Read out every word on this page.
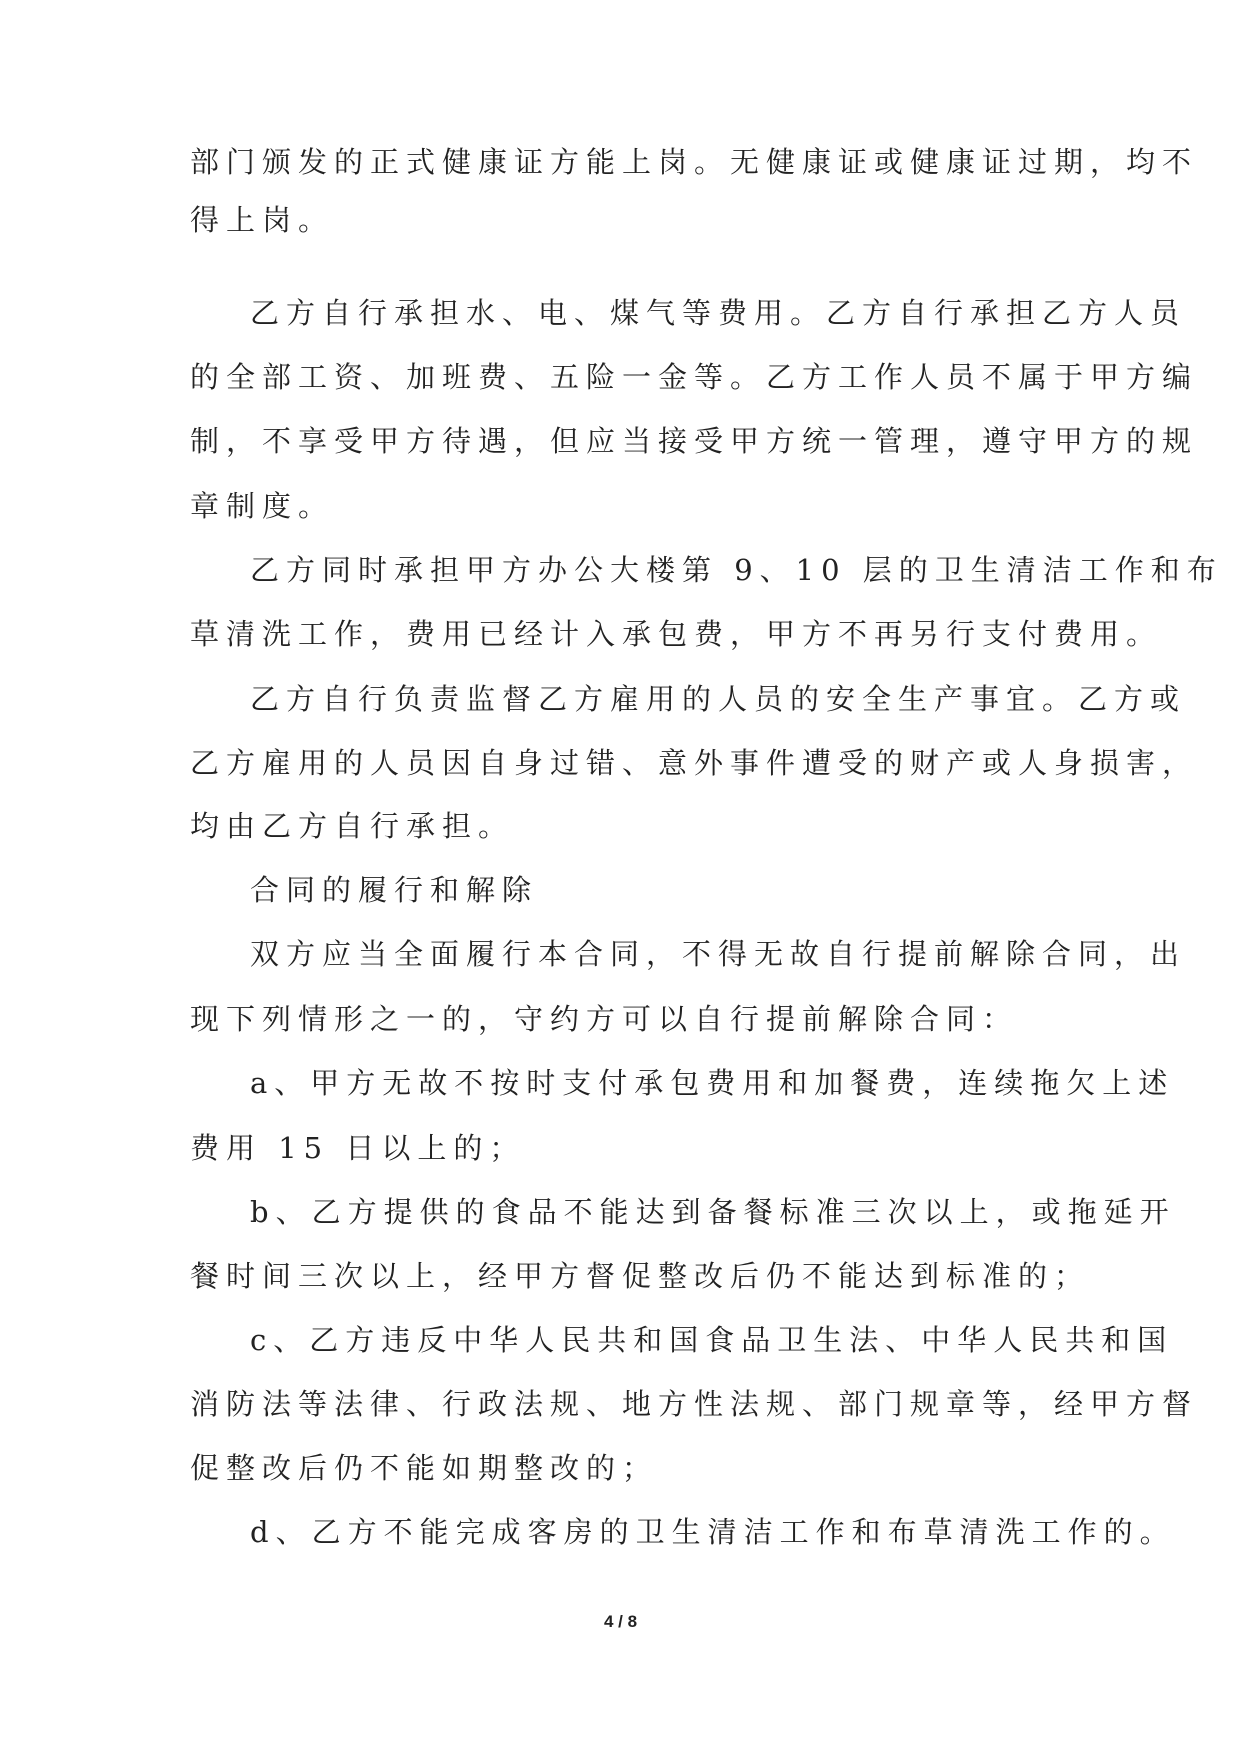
部门颁发的正式健康证方能上岗。无健康证或健康证过期，均不

得上岗。

乙方自行承担水、电、煤气等费用。乙方自行承担乙方人员

的全部工资、加班费、五险一金等。乙方工作人员不属于甲方编

制，不享受甲方待遇，但应当接受甲方统一管理，遵守甲方的规

章制度。

乙方同时承担甲方办公大楼第 9、10 层的卫生清洁工作和布

草清洗工作，费用已经计入承包费，甲方不再另行支付费用。

乙方自行负责监督乙方雇用的人员的安全生产事宜。乙方或

乙方雇用的人员因自身过错、意外事件遭受的财产或人身损害，

均由乙方自行承担。

合同的履行和解除

双方应当全面履行本合同，不得无故自行提前解除合同，出

现下列情形之一的，守约方可以自行提前解除合同：

a、甲方无故不按时支付承包费用和加餐费，连续拖欠上述

费用 15 日以上的；

b、乙方提供的食品不能达到备餐标准三次以上，或拖延开

餐时间三次以上，经甲方督促整改后仍不能达到标准的；

c、乙方违反中华人民共和国食品卫生法、中华人民共和国

消防法等法律、行政法规、地方性法规、部门规章等，经甲方督

促整改后仍不能如期整改的；

d、乙方不能完成客房的卫生清洁工作和布草清洗工作的。

4 / 8
